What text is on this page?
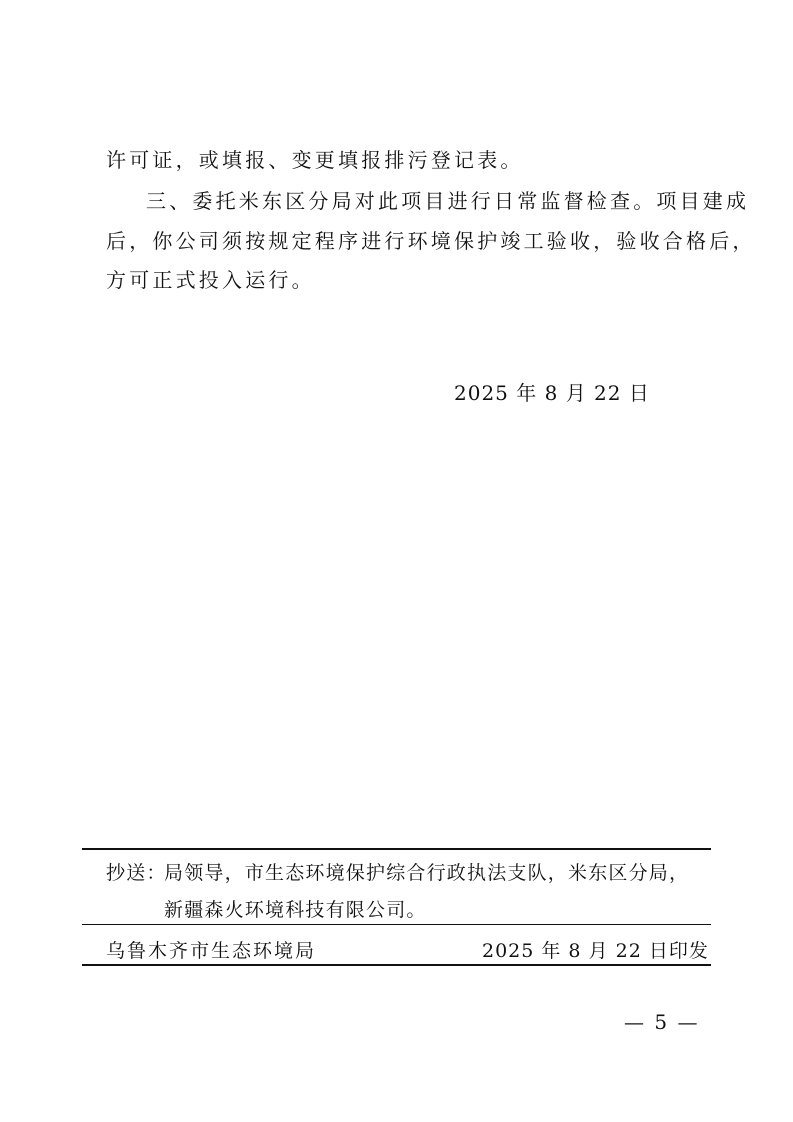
许可证，或填报、变更填报排污登记表。
三、委托米东区分局对此项目进行日常监督检查。项目建成
后，你公司须按规定程序进行环境保护竣工验收，验收合格后，
方可正式投入运行。
2025 年 8 月 22 日
抄送：
局领导，市生态环境保护综合行政执法支队，米东区分局，
新疆森火环境科技有限公司。
乌鲁木齐市生态环境局	2025 年 8 月 22 日印发
— 5 —
